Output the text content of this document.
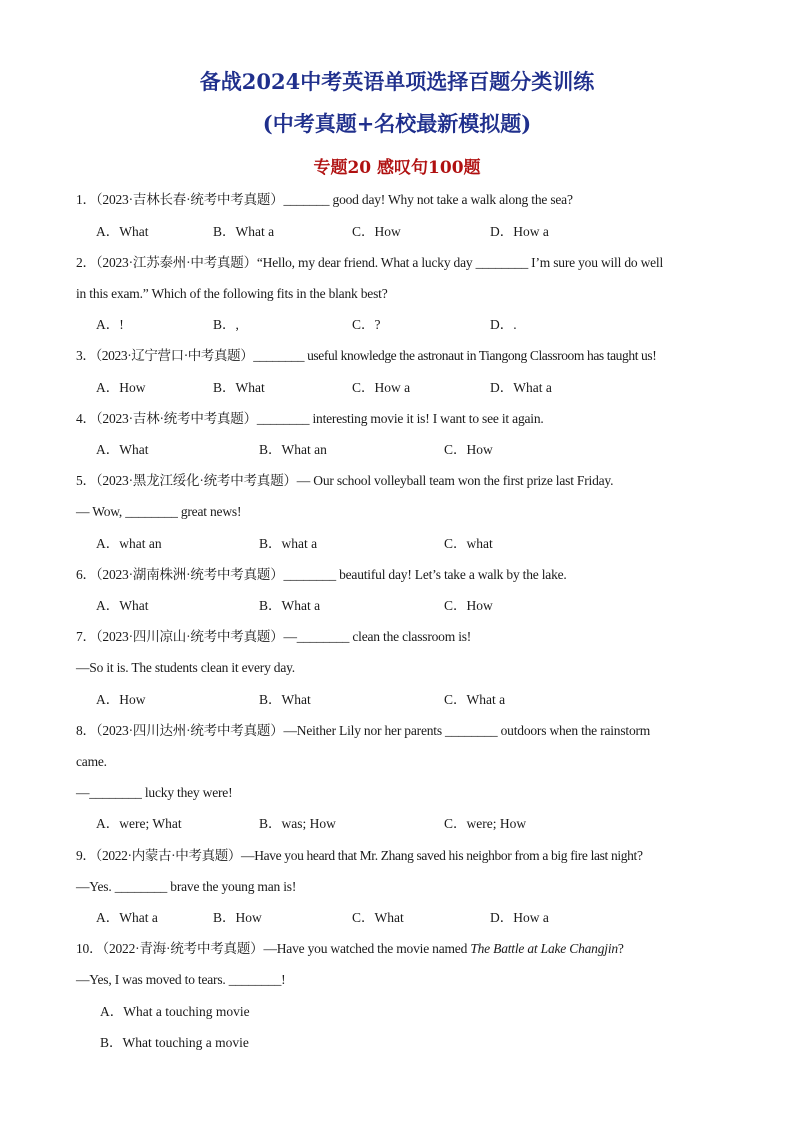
备战2024中考英语单项选择百题分类训练
(中考真题+名校最新模拟题)
专题20 感叹句100题
1．（2023·吉林长春·统考中考真题）_______ good day! Why not take a walk along the sea?
A．What	B．What a	C．How	D．How a
2．（2023·江苏泰州·中考真题）“Hello, my dear friend. What a lucky day ________ I’m sure you will do well
in this exam.” Which of the following fits in the blank best?
A．!	B．,	C．?	D．.
3．（2023·辽宁营口·中考真题）________ useful knowledge the astronaut in Tiangong Classroom has taught us!
A．How	B．What	C．How a	D．What a
4．（2023·吉林·统考中考真题）________ interesting movie it is! I want to see it again.
A．What	B．What an	C．How
5．（2023·黑龙江绥化·统考中考真题）— Our school volleyball team won the first prize last Friday.
— Wow, ________ great news!
A．what an	B．what a	C．what
6．（2023·湖南株洲·统考中考真题）________ beautiful day! Let’s take a walk by the lake.
A．What	B．What a	C．How
7．（2023·四川凉山·统考中考真题）—________ clean the classroom is!
—So it is. The students clean it every day.
A．How	B．What	C．What a
8．（2023·四川达州·统考中考真题）—Neither Lily nor her parents ________ outdoors when the rainstorm
came.
—________ lucky they were!
A．were; What	B．was; How	C．were; How
9．（2022·内蒙古·中考真题）—Have you heard that Mr. Zhang saved his neighbor from a big fire last night?
—Yes. ________ brave the young man is!
A．What a	B．How	C．What	D．How a
10．（2022·青海·统考中考真题）—Have you watched the movie named The Battle at Lake Changjin?
—Yes, I was moved to tears. ________!
A．What a touching movie
B．What touching a movie
